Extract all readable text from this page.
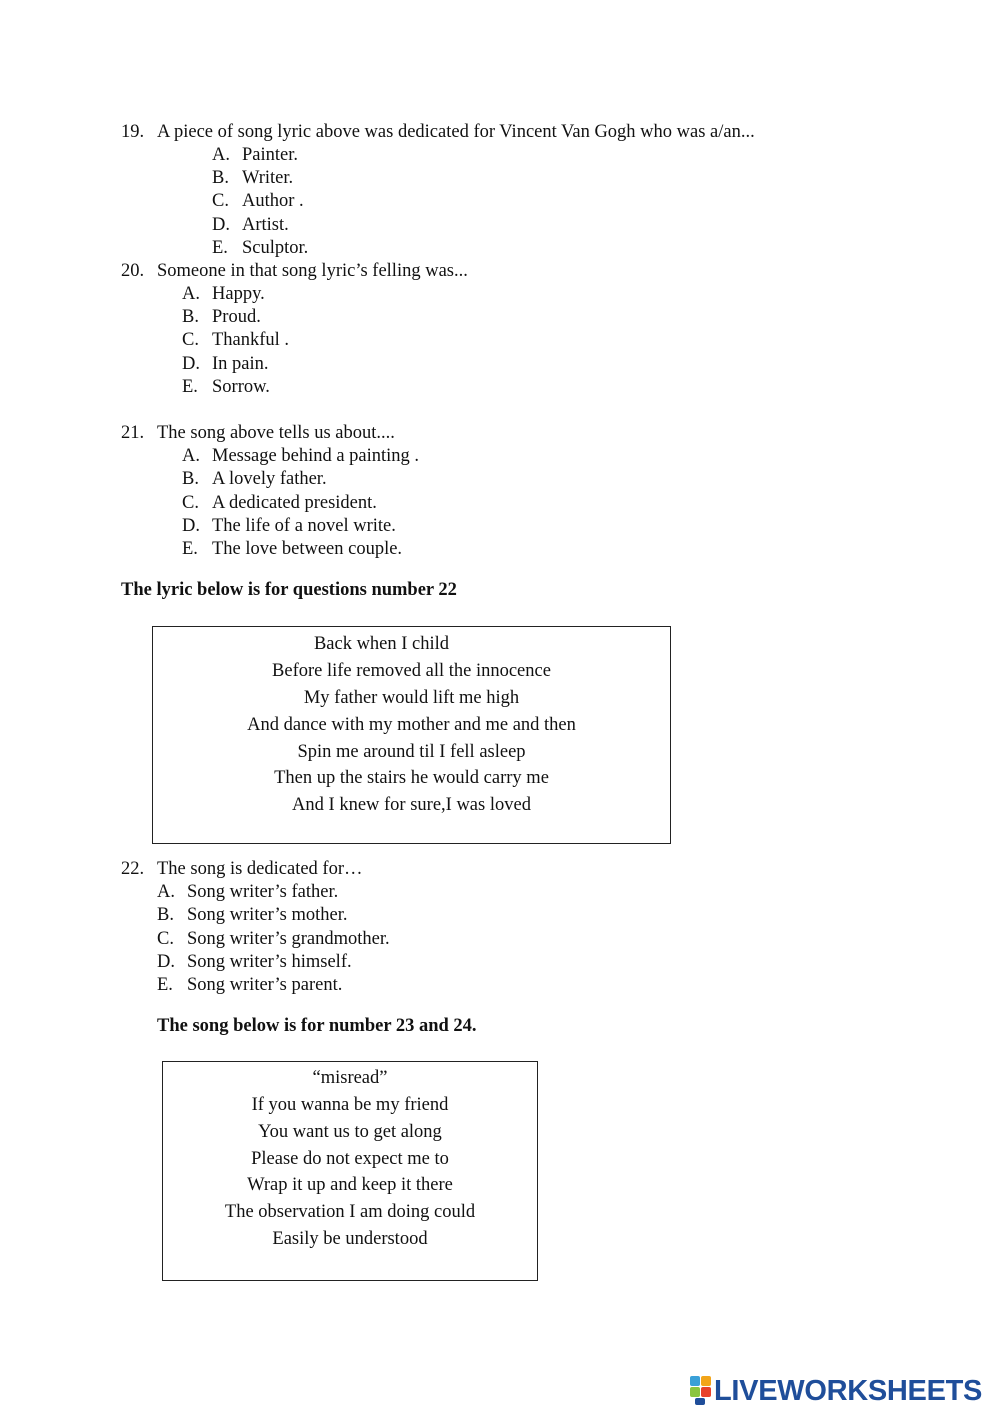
19. A piece of song lyric above was dedicated for Vincent Van Gogh who was a/an...
A. Painter.
B. Writer.
C. Author .
D. Artist.
E. Sculptor.
20. Someone in that song lyric’s felling was...
A. Happy.
B. Proud.
C. Thankful .
D. In pain.
E. Sorrow.
21. The song above tells us about....
A. Message behind a painting .
B. A lovely father.
C. A dedicated president.
D. The life of a novel write.
E. The love between couple.
The lyric below is for questions number 22
Back when I child
Before life removed all the innocence
My father would lift me high
And dance with my mother and me and then
Spin me around til I fell asleep
Then up the stairs he would carry me
And I knew for sure,I was loved
22. The song is dedicated for…
A. Song writer’s father.
B. Song writer’s mother.
C. Song writer’s grandmother.
D. Song writer’s himself.
E. Song writer’s parent.
The song below is for number 23 and 24.
“misread”
If you wanna be my friend
You want us to get along
Please do not expect me to
Wrap it up and keep it there
The observation I am doing could
Easily be understood
LIVEWORKSHEETS
